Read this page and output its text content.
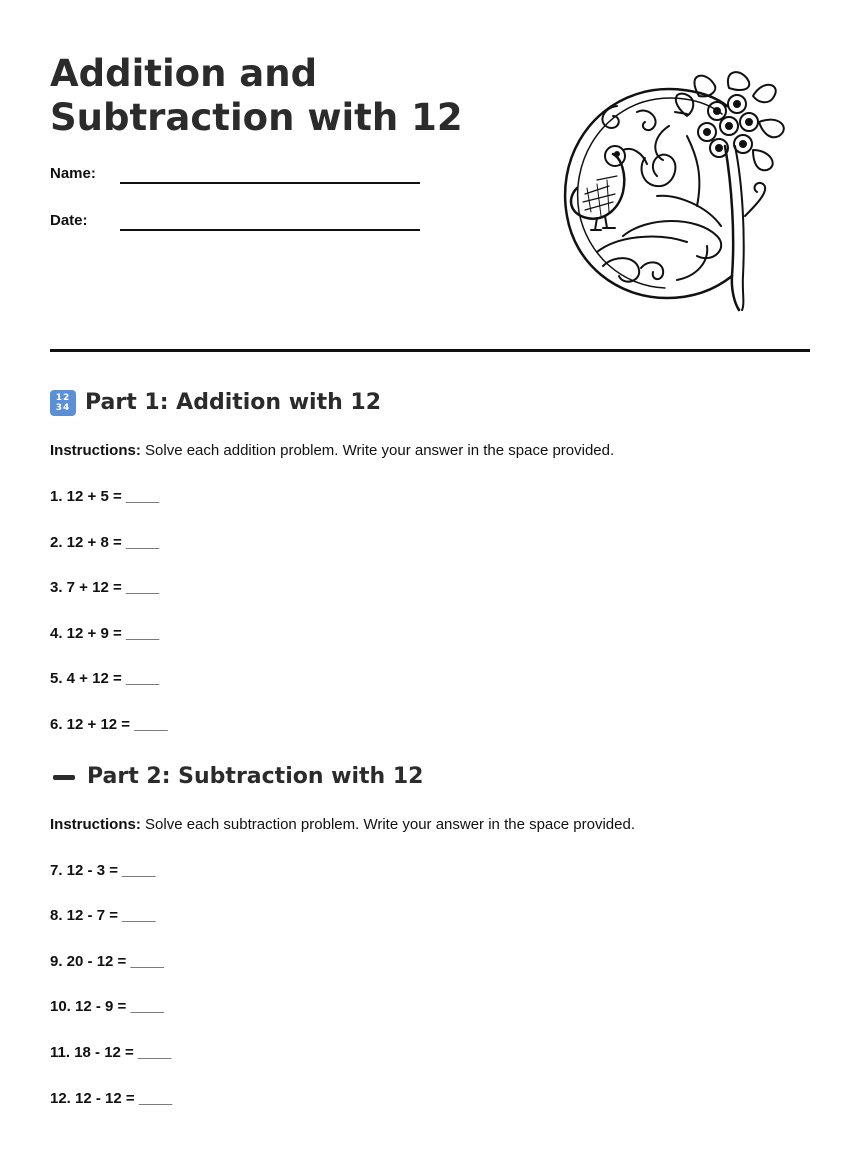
Addition and
Subtraction with 12
Name:
Date:
12
34 Part 1: Addition with 12
Instructions: Solve each addition problem. Write your answer in the space provided.
1. 12 + 5 = ____
2. 12 + 8 = ____
3. 7 + 12 = ____
4. 12 + 9 = ____
5. 4 + 12 = ____
6. 12 + 12 = ____
Part 2: Subtraction with 12
Instructions: Solve each subtraction problem. Write your answer in the space provided.
7. 12 - 3 = ____
8. 12 - 7 = ____
9. 20 - 12 = ____
10. 12 - 9 = ____
11. 18 - 12 = ____
12. 12 - 12 = ____
